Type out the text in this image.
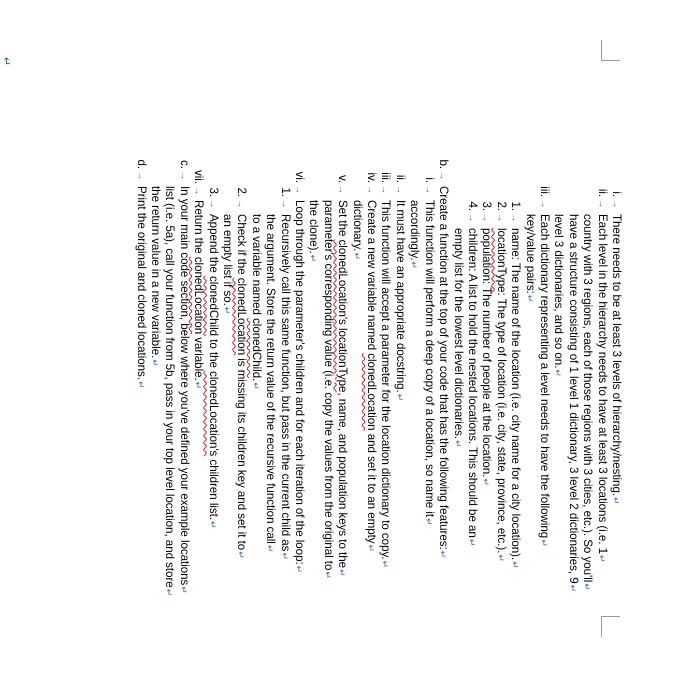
↵
i.→
There needs to be at least 3 levels of hierarchy/nesting.↵
ii.→
Each level in the hierarchy needs to have at least 3 locations (i.e. 1↵
country with 3 regions, each of those regions with 3 cities, etc.). So you'll↵
have a structure consisting of 1 level 1 dictionary, 3 level 2 dictionaries, 9↵
level 3 dictionaries, and so on.↵
iii.→
Each dictionary representing a level needs to have the following↵
key/value pairs:↵
1.→
name: The name of the location (i.e. city name for a city location).↵
2.→
locationType: The type of location (i.e. city, state, province, etc.).↵
3.→
population: The number of people at the location.↵
4.→
children: A list to hold the nested locations. This should be an↵
empty list for the lowest level dictionaries.↵
b.→
Create a function at the top of your code that has the following features:↵
i.→
This function will perform a deep copy of a location, so name it↵
accordingly.↵
ii.→
It must have an appropriate docstring.↵
iii.→
This function will accept a parameter for the location dictionary to copy.↵
iv.→
Create a new variable named clonedLocation and set it to an empty↵
dictionary.↵
v.→
Set the clonedLocation's locationType, name, and population keys to the↵
parameter's corresponding value (i.e. copy the values from the original to↵
the clone).↵
vi.→
Loop through the parameter's children and for each iteration of the loop:↵
1.→
Recursively call this same function, but pass in the current child as↵
the argument. Store the return value of the recursive function call↵
to a variable named clonedChild.↵
2.→
Check if the clonedLocation is missing its children key and set it to↵
an empty list if so.↵
3.→
Append the clonedChild to the clonedLocation's children list.↵
vii.→
Return the clonedLocation variable.↵
c.→
In your main code section, below where you've defined your example locations↵
list (i.e. 5a), call your function from 5b, pass in your top level location, and store↵
the return value in a new variable.↵
d.→
Print the original and cloned locations.↵
